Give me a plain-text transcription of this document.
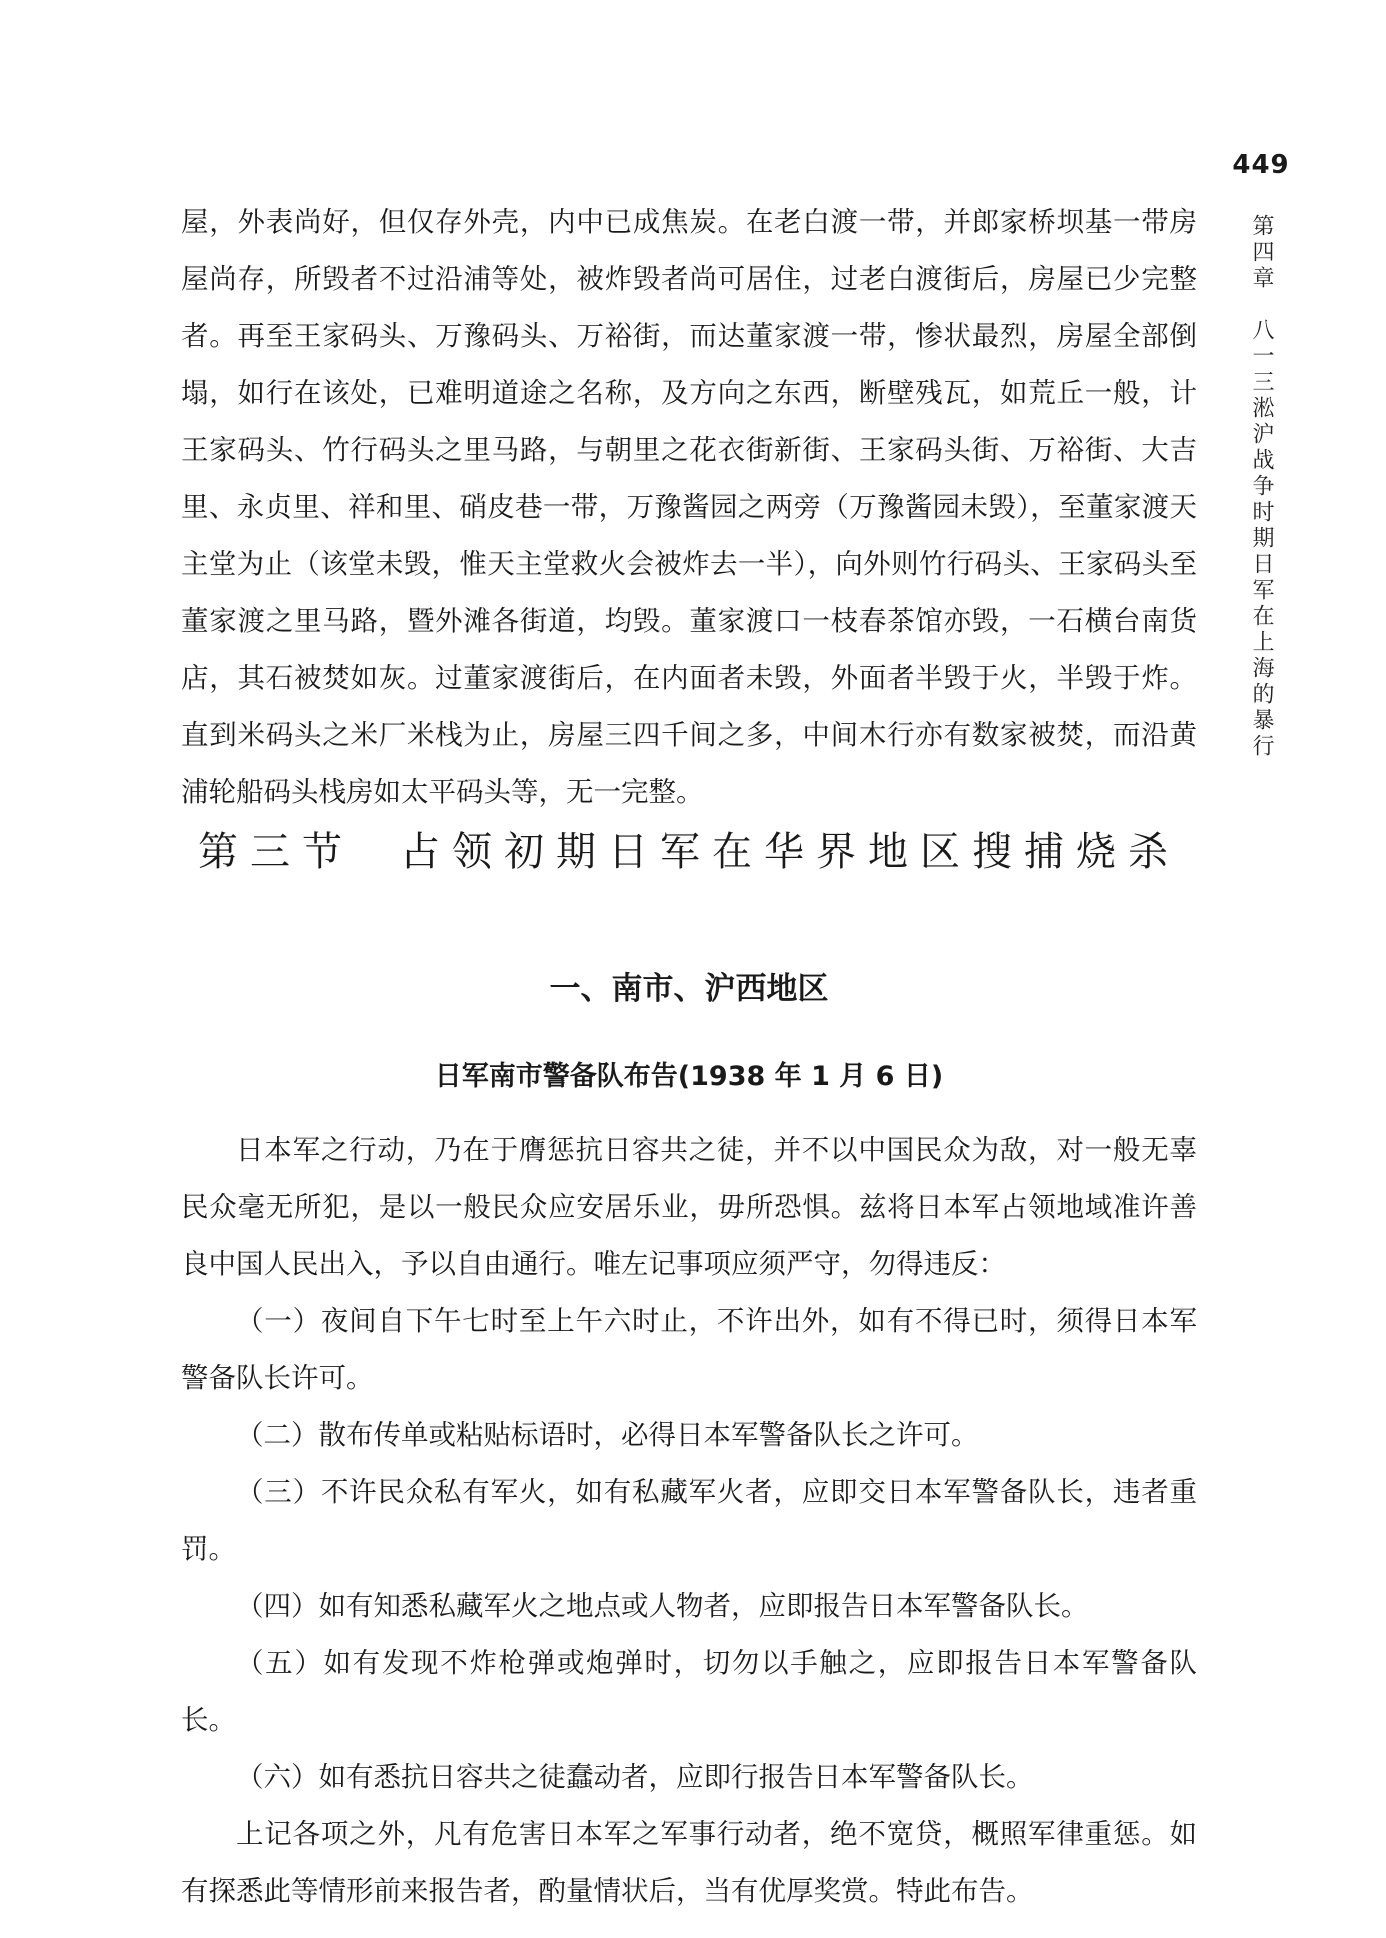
449
第四章　八一三淞沪战争时期日军在上海的暴行

屋，外表尚好，但仅存外壳，内中已成焦炭。在老白渡一带，并郎家桥坝基一带房屋尚存，所毁者不过沿浦等处，被炸毁者尚可居住，过老白渡街后，房屋已少完整者。再至王家码头、万豫码头、万裕街，而达董家渡一带，惨状最烈，房屋全部倒塌，如行在该处，已难明道途之名称，及方向之东西，断壁残瓦，如荒丘一般，计王家码头、竹行码头之里马路，与朝里之花衣街新街、王家码头街、万裕街、大吉里、永贞里、祥和里、硝皮巷一带，万豫酱园之两旁（万豫酱园未毁），至董家渡天主堂为止（该堂未毁，惟天主堂救火会被炸去一半），向外则竹行码头、王家码头至董家渡之里马路，暨外滩各街道，均毁。董家渡口一枝春茶馆亦毁，一石横台南货店，其石被焚如灰。过董家渡街后，在内面者未毁，外面者半毁于火，半毁于炸。直到米码头之米厂米栈为止，房屋三四千间之多，中间木行亦有数家被焚，而沿黄浦轮船码头栈房如太平码头等，无一完整。

第三节 占领初期日军在华界地区搜捕烧杀
一、南市、沪西地区
日军南市警备队布告(1938 年 1 月 6 日)

日本军之行动，乃在于膺惩抗日容共之徒，并不以中国民众为敌，对一般无辜民众毫无所犯，是以一般民众应安居乐业，毋所恐惧。兹将日本军占领地域准许善良中国人民出入，予以自由通行。唯左记事项应须严守，勿得违反：

（一）夜间自下午七时至上午六时止，不许出外，如有不得已时，须得日本军警备队长许可。

（二）散布传单或粘贴标语时，必得日本军警备队长之许可。

（三）不许民众私有军火，如有私藏军火者，应即交日本军警备队长，违者重罚。

（四）如有知悉私藏军火之地点或人物者，应即报告日本军警备队长。

（五）如有发现不炸枪弹或炮弹时，切勿以手触之，应即报告日本军警备队长。

（六）如有悉抗日容共之徒蠢动者，应即行报告日本军警备队长。

上记各项之外，凡有危害日本军之军事行动者，绝不宽贷，概照军律重惩。如有探悉此等情形前来报告者，酌量情状后，当有优厚奖赏。特此布告。
